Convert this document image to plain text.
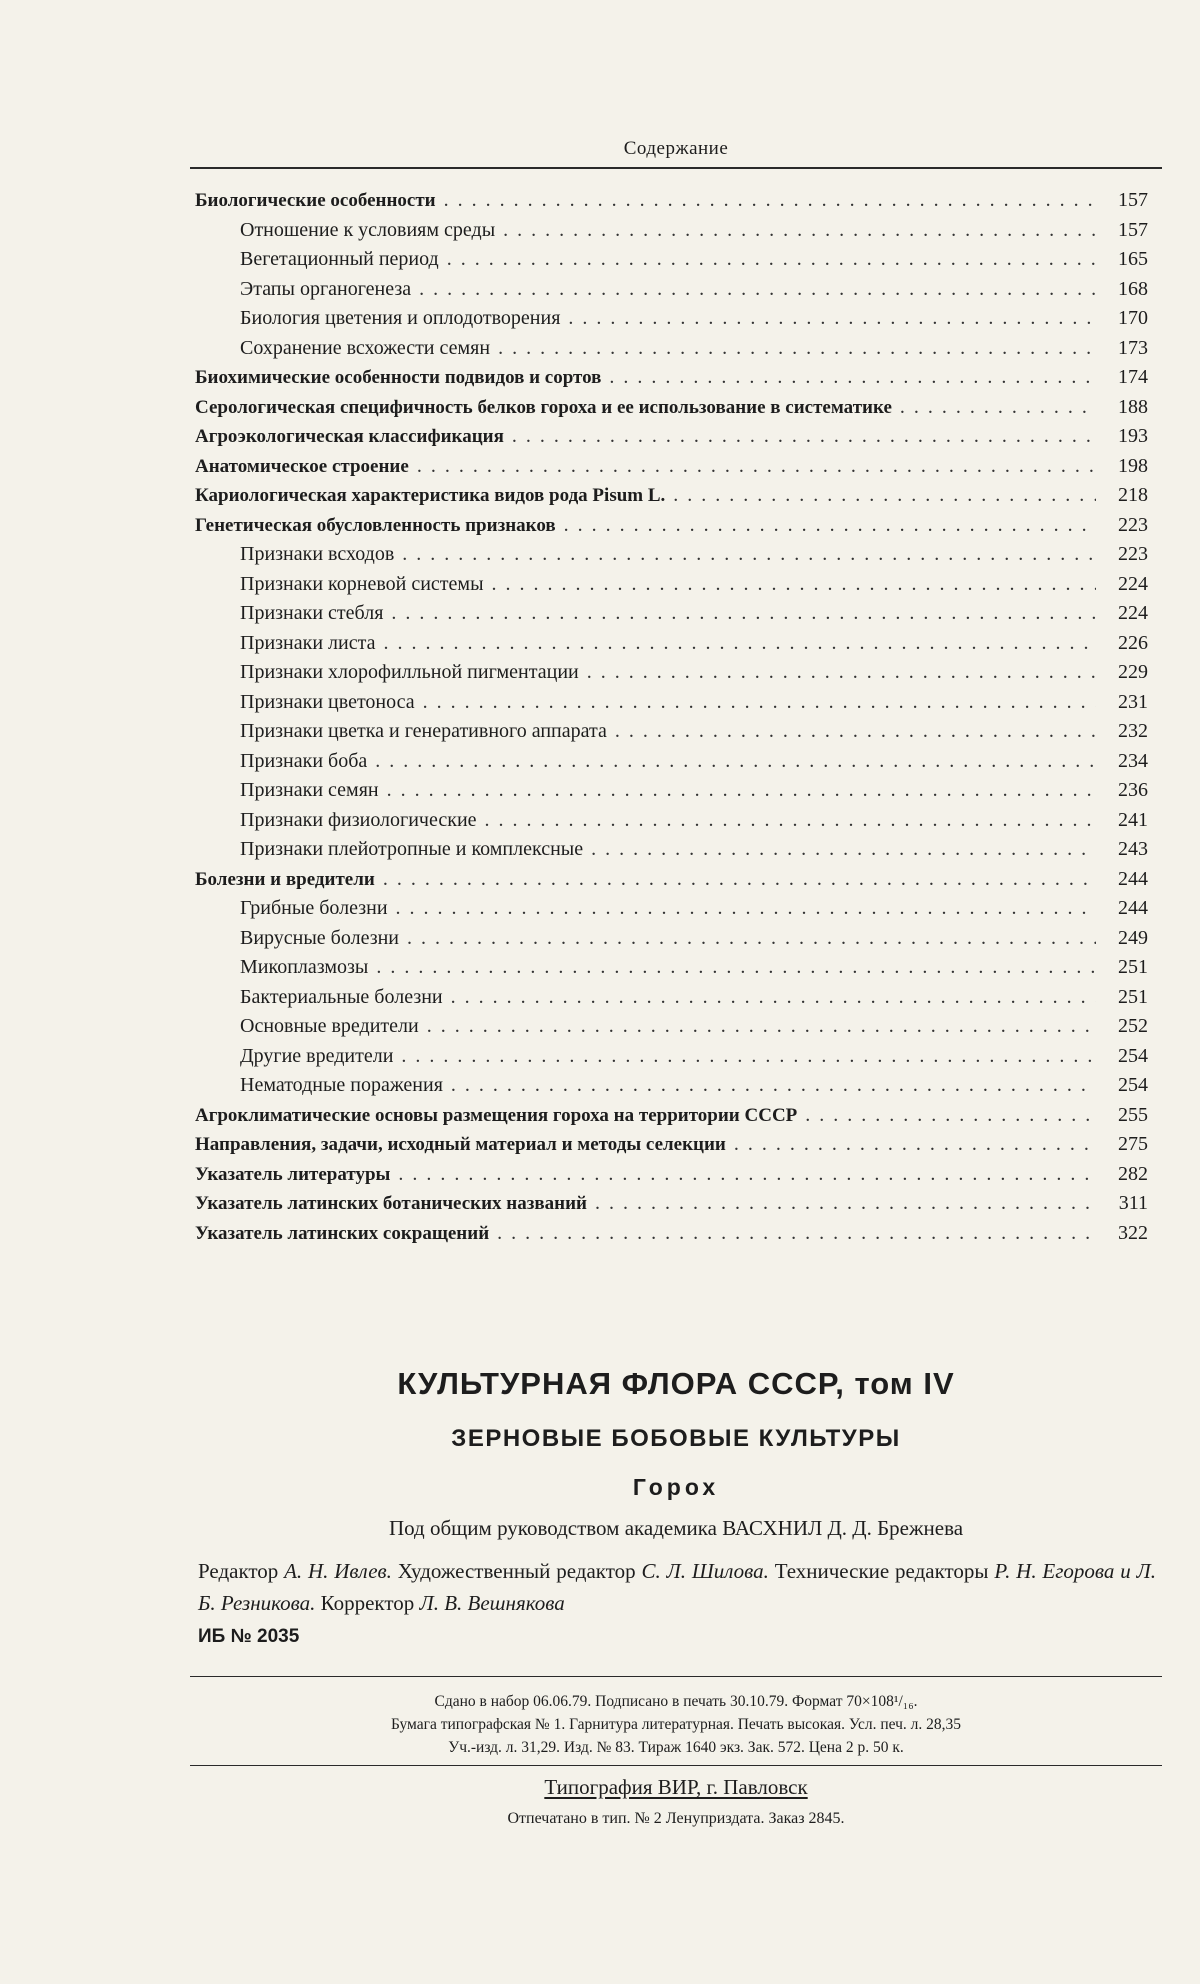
Содержание
Биологические особенности . . .	157
Отношение к условиям среды . . .	157
Вегетационный период . . .	165
Этапы органогенеза . . .	168
Биология цветения и оплодотворения . . .	170
Сохранение всхожести семян . . .	173
Биохимические особенности подвидов и сортов . . .	174
Серологическая специфичность белков гороха и ее использование в систематике . . .	188
Агроэкологическая классификация . . .	193
Анатомическое строение . . .	198
Кариологическая характеристика видов рода Pisum L. . . .	218
Генетическая обусловленность признаков . . .	223
Признаки всходов . . .	223
Признаки корневой системы . . .	224
Признаки стебля . . .	224
Признаки листа . . .	226
Признаки хлорофилльной пигментации . . .	229
Признаки цветоноса . . .	231
Признаки цветка и генеративного аппарата . . .	232
Признаки боба . . .	234
Признаки семян . . .	236
Признаки физиологические . . .	241
Признаки плейотропные и комплексные . . .	243
Болезни и вредители . . .	244
Грибные болезни . . .	244
Вирусные болезни . . .	249
Микоплазмозы . . .	251
Бактериальные болезни . . .	251
Основные вредители . . .	252
Другие вредители . . .	254
Нематодные поражения . . .	254
Агроклиматические основы размещения гороха на территории СССР . . .	255
Направления, задачи, исходный материал и методы селекции . . .	275
Указатель литературы . . .	282
Указатель латинских ботанических названий . . .	311
Указатель латинских сокращений . . .	322
КУЛЬТУРНАЯ ФЛОРА СССР, том IV
ЗЕРНОВЫЕ БОБОВЫЕ КУЛЬТУРЫ
Горох
Под общим руководством академика ВАСХНИЛ Д. Д. Брежнева
Редактор А. Н. Ивлев. Художественный редактор С. Л. Шилова. Технические редакторы Р. Н. Егорова и Л. Б. Резникова. Корректор Л. В. Вешнякова
ИБ № 2035
Сдано в набор 06.06.79. Подписано в печать 30.10.79. Формат 70×108¹/₁₆.
Бумага типографская № 1. Гарнитура литературная. Печать высокая. Усл. печ. л. 28,35
Уч.-изд. л. 31,29. Изд. № 83. Тираж 1640 экз. Зак. 572. Цена 2 р. 50 к.
Типография ВИР, г. Павловск
Отпечатано в тип. № 2 Ленуприздата. Заказ 2845.
